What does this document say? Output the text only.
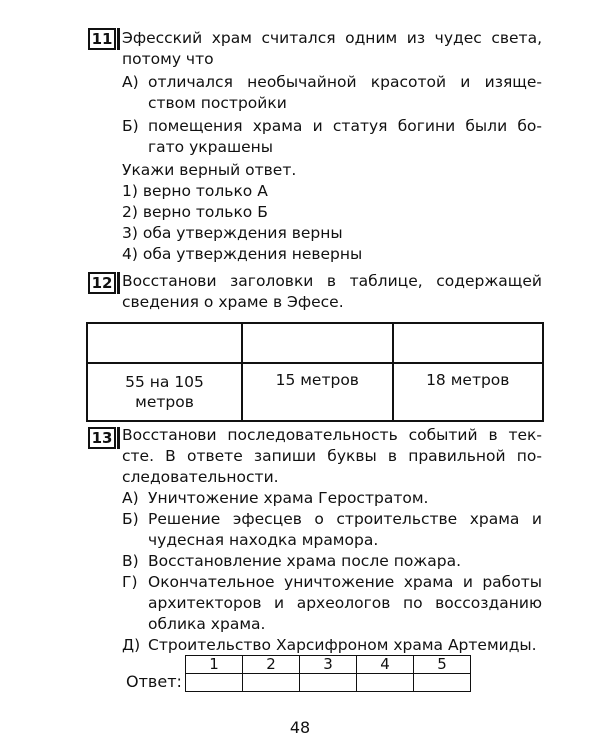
11 Эфесский храм считался одним из чудес света,
потому что
А) отличался необычайной красотой и изяще-
ством постройки
Б) помещения храма и статуя богини были бо-
гато украшены
Укажи верный ответ.
1) верно только А
2) верно только Б
3) оба утверждения верны
4) оба утверждения неверны
12 Восстанови заголовки в таблице, содержащей
сведения о храме в Эфесе.

55 на 105
метров	15 метров	18 метров
13 Восстанови последовательность событий в тек-
сте. В ответе запиши буквы в правильной по-
следовательности.
А) Уничтожение храма Геростратом.
Б) Решение эфесцев о строительстве храма и
чудесная находка мрамора.
В) Восстановление храма после пожара.
Г) Окончательное уничтожение храма и работы
архитекторов и археологов по воссозданию
облика храма.
Д) Строительство Харсифроном храма Артемиды.
Ответ:
1	2	3	4	5

48
